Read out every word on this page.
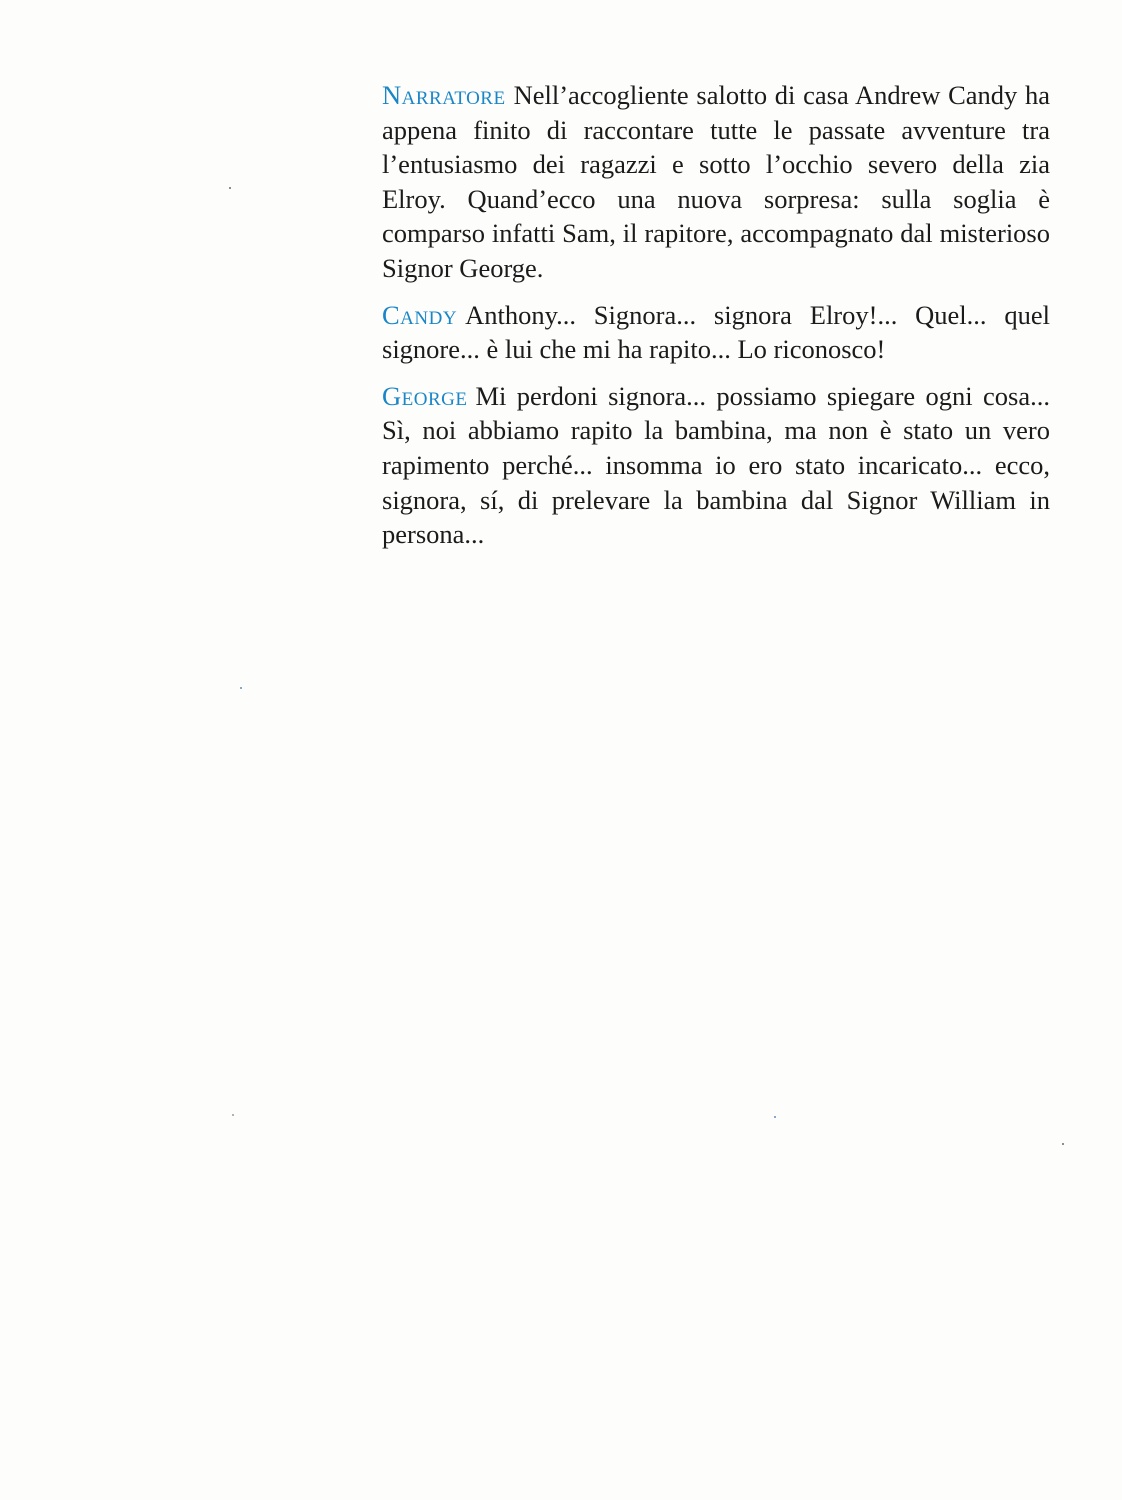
Narratore Nell’accogliente salotto di casa Andrew Candy ha appena finito di raccontare tutte le passate avventure tra l’entusiasmo dei ragazzi e sotto l’occhio severo della zia Elroy. Quand’ecco una nuova sorpresa: sulla soglia è comparso infatti Sam, il rapitore, accompagnato dal misterioso Signor George.

Candy Anthony... Signora... signora Elroy!... Quel... quel signore... è lui che mi ha rapito... Lo riconosco!

George Mi perdoni signora... possiamo spiegare ogni cosa... Sì, noi abbiamo rapito la bambina, ma non è stato un vero rapimento perché... insomma io ero stato incaricato... ecco, signora, sí, di prelevare la bambina dal Signor William in persona...
